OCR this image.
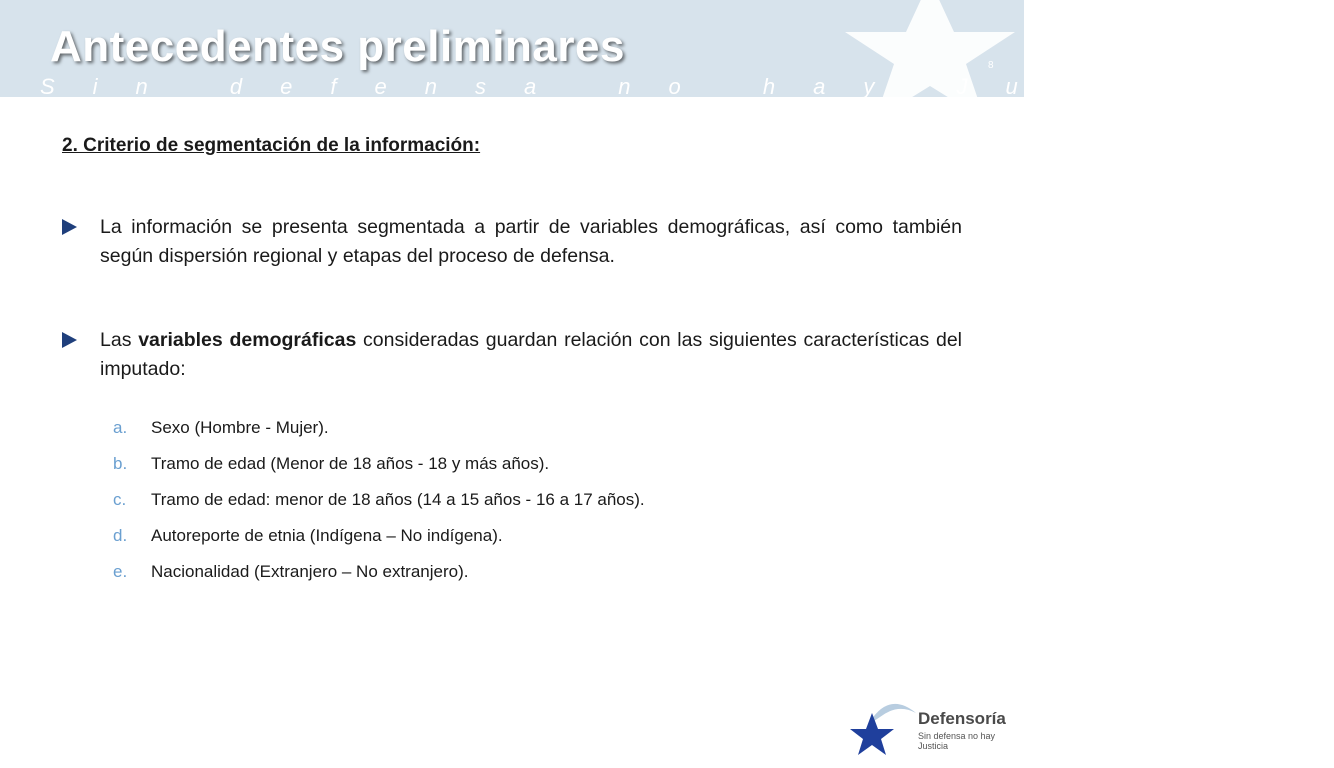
Antecedentes preliminares
Sin defensa no hay Justicia
8
2. Criterio de segmentación de la información:
La información se presenta segmentada a partir de variables demográficas, así como también según dispersión regional y etapas del proceso de defensa.
Las variables demográficas consideradas guardan relación con las siguientes características del imputado:
a.	Sexo (Hombre - Mujer).
b.	Tramo de edad (Menor de 18 años - 18 y más años).
c.	Tramo de edad: menor de 18 años (14 a 15 años - 16 a 17 años).
d.	Autoreporte de etnia (Indígena – No indígena).
e.	Nacionalidad (Extranjero – No extranjero).
Defensoría
Sin defensa no hay Justicia
